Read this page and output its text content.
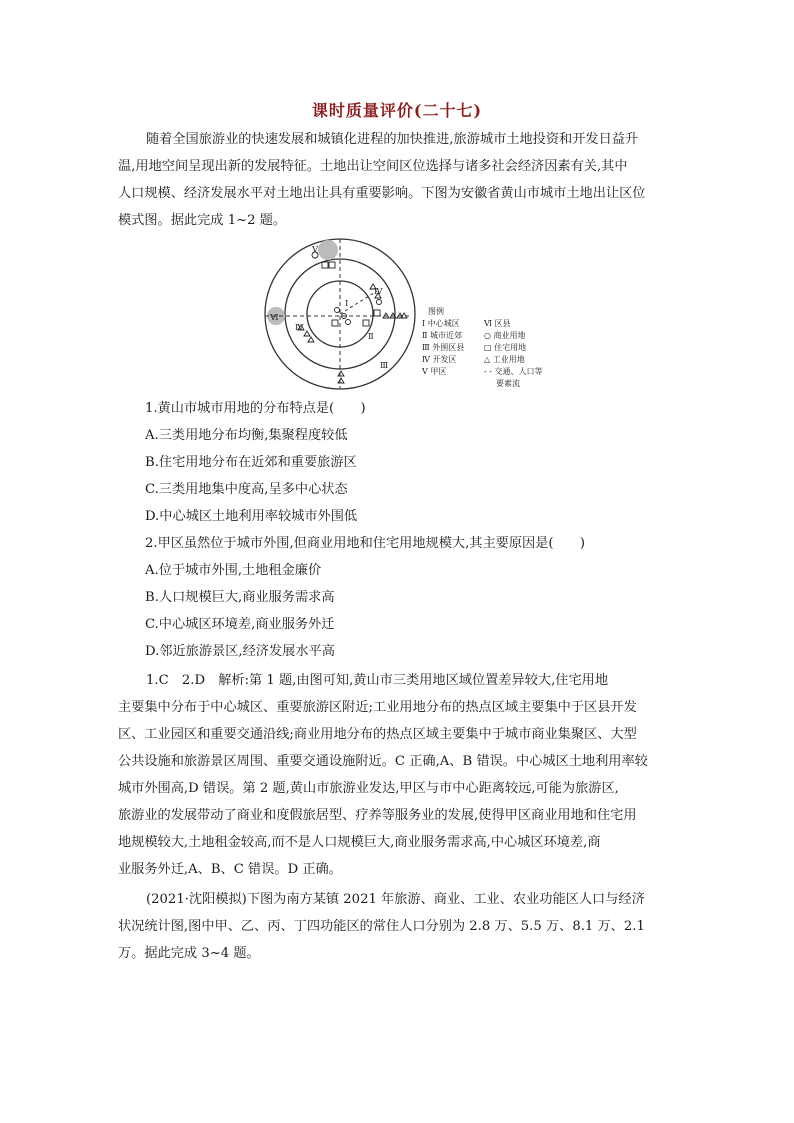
课时质量评价(二十七)
随着全国旅游业的快速发展和城镇化进程的加快推进,旅游城市土地投资和开发日益升
温,用地空间呈现出新的发展特征。土地出让空间区位选择与诸多社会经济因素有关,其中
人口规模、经济发展水平对土地出让具有重要影响。下图为安徽省黄山市城市土地出让区位
模式图。据此完成 1~2 题。
Ⅰ
Ⅱ
Ⅲ
Ⅳ
Ⅴ
Ⅵ
Ⅳ
图例
Ⅰ 中心城区
Ⅱ 城市近郊
Ⅲ 外围区县
Ⅳ 开发区
Ⅴ 甲区
Ⅵ 区县
○ 商业用地
□ 住宅用地
△ 工业用地
- - 交通、人口等
要素流
1.黄山市城市用地的分布特点是(　　)
A.三类用地分布均衡,集聚程度较低
B.住宅用地分布在近郊和重要旅游区
C.三类用地集中度高,呈多中心状态
D.中心城区土地利用率较城市外围低
2.甲区虽然位于城市外围,但商业用地和住宅用地规模大,其主要原因是(　　)
A.位于城市外围,土地租金廉价
B.人口规模巨大,商业服务需求高
C.中心城区环境差,商业服务外迁
D.邻近旅游景区,经济发展水平高
1.C　2.D　解析:第 1 题,由图可知,黄山市三类用地区域位置差异较大,住宅用地
主要集中分布于中心城区、重要旅游区附近;工业用地分布的热点区域主要集中于区县开发
区、工业园区和重要交通沿线;商业用地分布的热点区域主要集中于城市商业集聚区、大型
公共设施和旅游景区周围、重要交通设施附近。C 正确,A、B 错误。中心城区土地利用率较
城市外围高,D 错误。第 2 题,黄山市旅游业发达,甲区与市中心距离较远,可能为旅游区,
旅游业的发展带动了商业和度假旅居型、疗养等服务业的发展,使得甲区商业用地和住宅用
地规模较大,土地租金较高,而不是人口规模巨大,商业服务需求高,中心城区环境差,商
业服务外迁,A、B、C 错误。D 正确。
(2021·沈阳模拟)下图为南方某镇 2021 年旅游、商业、工业、农业功能区人口与经济
状况统计图,图中甲、乙、丙、丁四功能区的常住人口分别为 2.8 万、5.5 万、8.1 万、2.1
万。据此完成 3~4 题。
